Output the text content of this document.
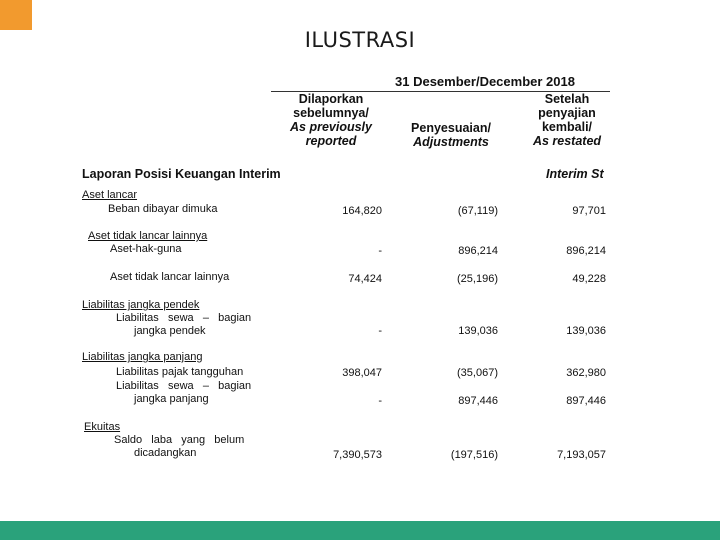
ILUSTRASI
31 Desember/December 2018
Dilaporkan sebelumnya/
As previously reported
Penyesuaian/
Adjustments
Setelah penyajian kembali/
As restated
Laporan Posisi Keuangan Interim	Interim St
Aset lancar
Beban dibayar dimuka	164,820	(67,119)	97,701
Aset tidak lancar lainnya
Aset-hak-guna	-	896,214	896,214
Aset tidak lancar lainnya	74,424	(25,196)	49,228
Liabilitas jangka pendek
Liabilitas   sewa   –   bagian
jangka pendek	-	139,036	139,036
Liabilitas jangka panjang
Liabilitas pajak tangguhan	398,047	(35,067)	362,980
Liabilitas   sewa   –   bagian
jangka panjang	-	897,446	897,446
Ekuitas
Saldo   laba   yang   belum
dicadangkan	7,390,573	(197,516)	7,193,057
